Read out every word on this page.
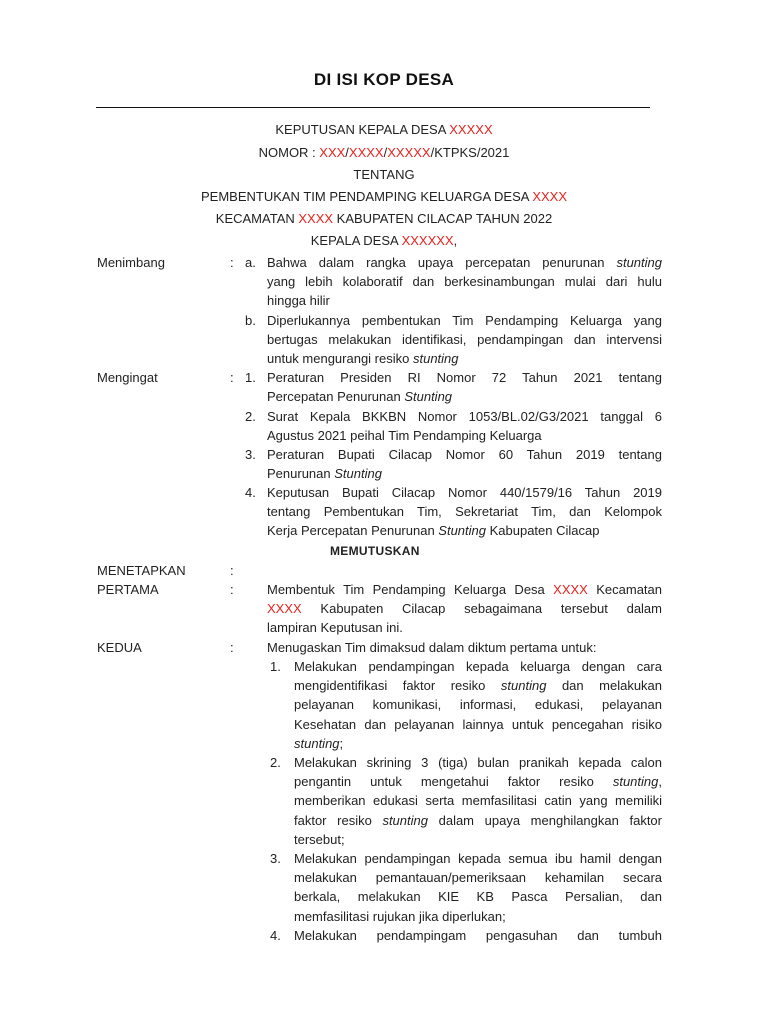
DI ISI KOP DESA
KEPUTUSAN KEPALA DESA XXXXX
NOMOR : XXX/XXXX/XXXXX/KTPKS/2021
TENTANG
PEMBENTUKAN TIM PENDAMPING KELUARGA DESA XXXX
KECAMATAN XXXX KABUPATEN CILACAP TAHUN 2022
KEPALA DESA XXXXXX,
Menimbang	: a. Bahwa dalam rangka upaya percepatan penurunan stunting
yang lebih kolaboratif dan berkesinambungan mulai dari hulu
hingga hilir
b. Diperlukannya pembentukan Tim Pendamping Keluarga yang
bertugas melakukan identifikasi, pendampingan dan intervensi
untuk mengurangi resiko stunting
Mengingat	: 1. Peraturan Presiden RI Nomor 72 Tahun 2021 tentang
Percepatan Penurunan Stunting
2. Surat Kepala BKKBN Nomor 1053/BL.02/G3/2021 tanggal 6
Agustus 2021 peihal Tim Pendamping Keluarga
3. Peraturan Bupati Cilacap Nomor 60 Tahun 2019 tentang
Penurunan Stunting
4. Keputusan Bupati Cilacap Nomor 440/1579/16 Tahun 2019
tentang Pembentukan Tim, Sekretariat Tim, dan Kelompok
Kerja Percepatan Penurunan Stunting Kabupaten Cilacap
MEMUTUSKAN
MENETAPKAN	:
PERTAMA	:	Membentuk Tim Pendamping Keluarga Desa XXXX Kecamatan
XXXX Kabupaten Cilacap sebagaimana tersebut dalam
lampiran Keputusan ini.
KEDUA	:	Menugaskan Tim dimaksud dalam diktum pertama untuk:
1. Melakukan pendampingan kepada keluarga dengan cara
mengidentifikasi faktor resiko stunting dan melakukan
pelayanan komunikasi, informasi, edukasi, pelayanan
Kesehatan dan pelayanan lainnya untuk pencegahan risiko
stunting;
2. Melakukan skrining 3 (tiga) bulan pranikah kepada calon
pengantin untuk mengetahui faktor resiko stunting,
memberikan edukasi serta memfasilitasi catin yang memiliki
faktor resiko stunting dalam upaya menghilangkan faktor
tersebut;
3. Melakukan pendampingan kepada semua ibu hamil dengan
melakukan pemantauan/pemeriksaan kehamilan secara
berkala, melakukan KIE KB Pasca Persalian, dan
memfasilitasi rujukan jika diperlukan;
4. Melakukan pendampingam pengasuhan dan tumbuh
